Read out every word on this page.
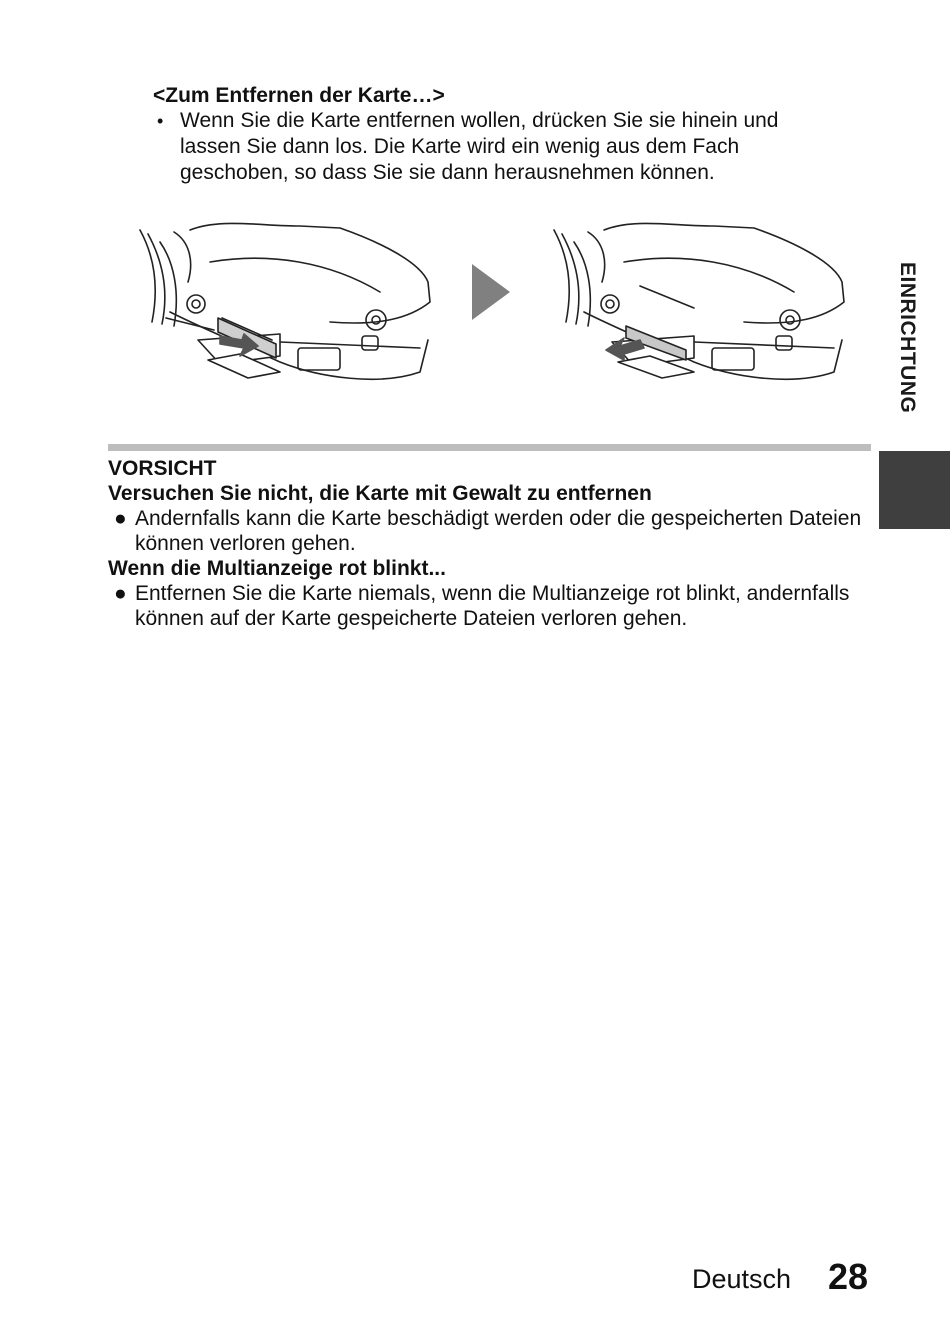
<Zum Entfernen der Karte…>

• Wenn Sie die Karte entfernen wollen, drücken Sie sie hinein und lassen Sie dann los. Die Karte wird ein wenig aus dem Fach geschoben, so dass Sie sie dann herausnehmen können.

EINRICHTUNG

VORSICHT

Versuchen Sie nicht, die Karte mit Gewalt zu entfernen

● Andernfalls kann die Karte beschädigt werden oder die gespeicherten Dateien können verloren gehen.

Wenn die Multianzeige rot blinkt...

● Entfernen Sie die Karte niemals, wenn die Multianzeige rot blinkt, andernfalls können auf der Karte gespeicherte Dateien verloren gehen.

Deutsch 28
